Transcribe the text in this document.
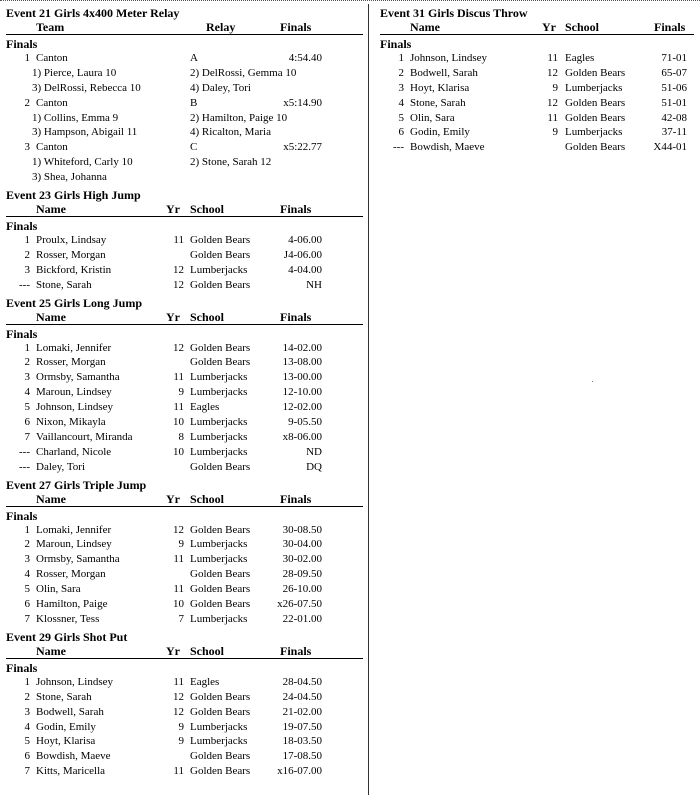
Event 21 Girls 4x400 Meter Relay
Team	Relay	Finals
Finals
1 Canton	A	4:54.40
1) Pierce, Laura 10	2) DelRossi, Gemma 10
3) DelRossi, Rebecca 10	4) Daley, Tori
2 Canton	B	x5:14.90
1) Collins, Emma 9	2) Hamilton, Paige 10
3) Hampson, Abigail 11	4) Ricalton, Maria
3 Canton	C	x5:22.77
1) Whiteford, Carly 10	2) Stone, Sarah 12
3) Shea, Johanna
Event 23 Girls High Jump
Name	Yr School	Finals
Finals
1 Proulx, Lindsay	11 Golden Bears	4-06.00
2 Rosser, Morgan	Golden Bears	J4-06.00
3 Bickford, Kristin	12 Lumberjacks	4-04.00
--- Stone, Sarah	12 Golden Bears	NH
Event 25 Girls Long Jump
Name	Yr School	Finals
Finals
1 Lomaki, Jennifer	12 Golden Bears	14-02.00
2 Rosser, Morgan	Golden Bears	13-08.00
3 Ormsby, Samantha	11 Lumberjacks	13-00.00
4 Maroun, Lindsey	9 Lumberjacks	12-10.00
5 Johnson, Lindsey	11 Eagles	12-02.00
6 Nixon, Mikayla	10 Lumberjacks	9-05.50
7 Vaillancourt, Miranda	8 Lumberjacks	x8-06.00
--- Charland, Nicole	10 Lumberjacks	ND
--- Daley, Tori	Golden Bears	DQ
Event 27 Girls Triple Jump
Name	Yr School	Finals
Finals
1 Lomaki, Jennifer	12 Golden Bears	30-08.50
2 Maroun, Lindsey	9 Lumberjacks	30-04.00
3 Ormsby, Samantha	11 Lumberjacks	30-02.00
4 Rosser, Morgan	Golden Bears	28-09.50
5 Olin, Sara	11 Golden Bears	26-10.00
6 Hamilton, Paige	10 Golden Bears	x26-07.50
7 Klossner, Tess	7 Lumberjacks	22-01.00
Event 29 Girls Shot Put
Name	Yr School	Finals
Finals
1 Johnson, Lindsey	11 Eagles	28-04.50
2 Stone, Sarah	12 Golden Bears	24-04.50
3 Bodwell, Sarah	12 Golden Bears	21-02.00
4 Godin, Emily	9 Lumberjacks	19-07.50
5 Hoyt, Klarisa	9 Lumberjacks	18-03.50
6 Bowdish, Maeve	Golden Bears	17-08.50
7 Kitts, Maricella	11 Golden Bears	x16-07.00
Event 31 Girls Discus Throw
Name	Yr School	Finals
Finals
1 Johnson, Lindsey	11 Eagles	71-01
2 Bodwell, Sarah	12 Golden Bears	65-07
3 Hoyt, Klarisa	9 Lumberjacks	51-06
4 Stone, Sarah	12 Golden Bears	51-01
5 Olin, Sara	11 Golden Bears	42-08
6 Godin, Emily	9 Lumberjacks	37-11
--- Bowdish, Maeve	Golden Bears	X44-01
